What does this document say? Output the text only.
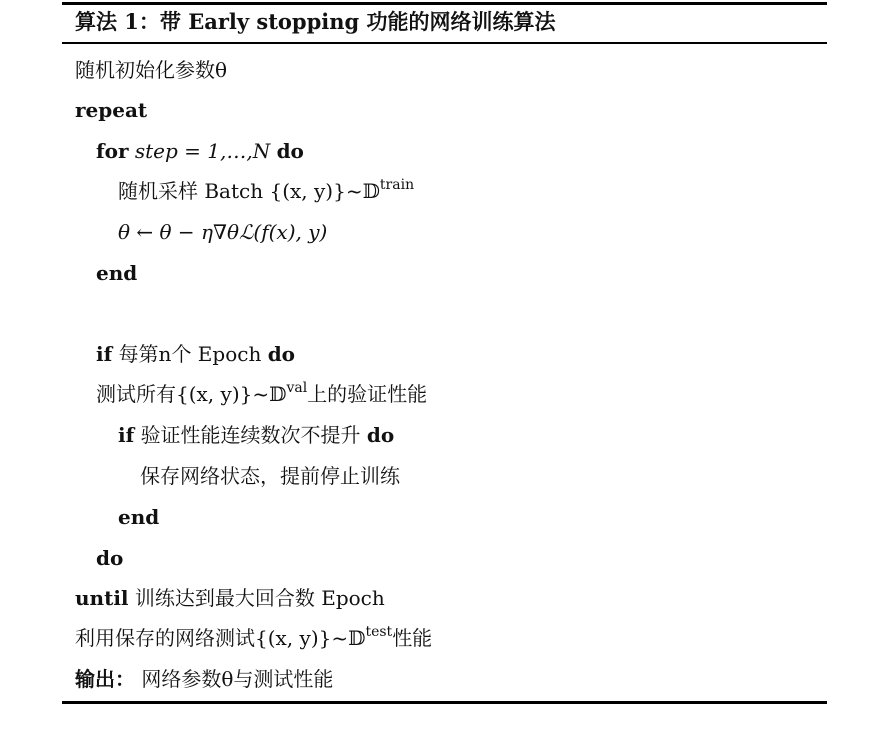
算法 1：带 Early stopping 功能的网络训练算法
随机初始化参数θ
repeat
for step = 1,…,N do
随机采样 Batch {(x, y)}~𝔻$^{train}$
θ ← θ − η∇θℒ(f(x), y)
end
if 每第n个 Epoch do
测试所有{(x, y)}~𝔻$^{val}$上的验证性能
if 验证性能连续数次不提升 do
保存网络状态，提前停止训练
end
do
until 训练达到最大回合数 Epoch
利用保存的网络测试{(x, y)}~𝔻$^{test}$性能
输出： 网络参数θ与测试性能
